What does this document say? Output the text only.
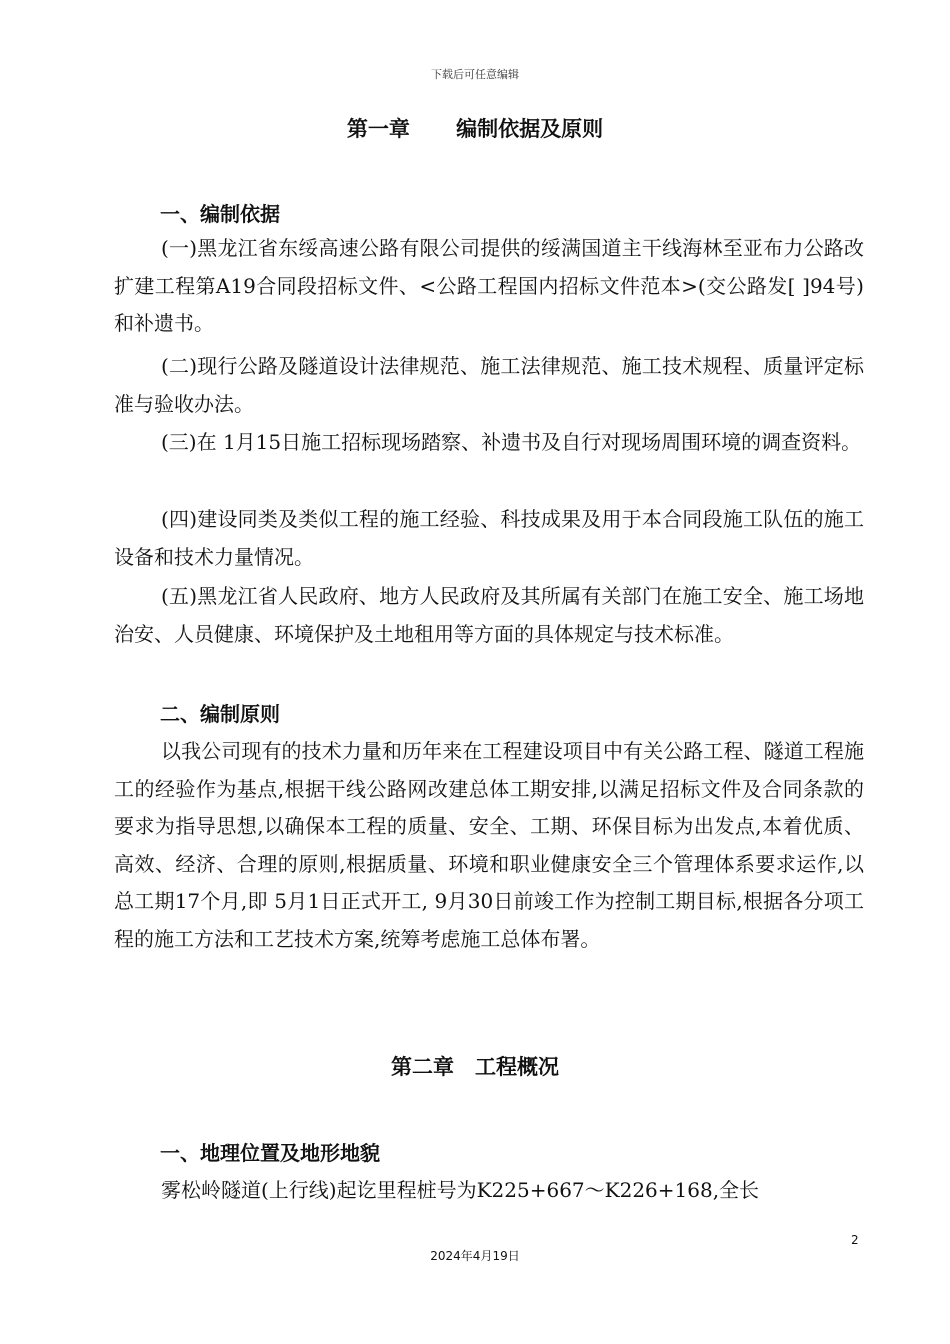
下载后可任意编辑
第一章 编制依据及原则
一、编制依据
(一)黑龙江省东绥高速公路有限公司提供的绥满国道主干线海林至亚布力公路改扩建工程第A19合同段招标文件、<公路工程国内招标文件范本>(交公路发[ ]94号)和补遗书。
(二)现行公路及隧道设计法律规范、施工法律规范、施工技术规程、质量评定标准与验收办法。
(三)在 1月15日施工招标现场踏察、补遗书及自行对现场周围环境的调查资料。
(四)建设同类及类似工程的施工经验、科技成果及用于本合同段施工队伍的施工设备和技术力量情况。
(五)黑龙江省人民政府、地方人民政府及其所属有关部门在施工安全、施工场地治安、人员健康、环境保护及土地租用等方面的具体规定与技术标准。
二、编制原则
以我公司现有的技术力量和历年来在工程建设项目中有关公路工程、隧道工程施工的经验作为基点,根据干线公路网改建总体工期安排,以满足招标文件及合同条款的要求为指导思想,以确保本工程的质量、安全、工期、环保目标为出发点,本着优质、高效、经济、合理的原则,根据质量、环境和职业健康安全三个管理体系要求运作,以总工期17个月,即 5月1日正式开工, 9月30日前竣工作为控制工期目标,根据各分项工程的施工方法和工艺技术方案,统筹考虑施工总体布署。
第二章 工程概况
一、地理位置及地形地貌
雾松岭隧道(上行线)起讫里程桩号为K225+667～K226+168,全长
2
2024年4月19日
